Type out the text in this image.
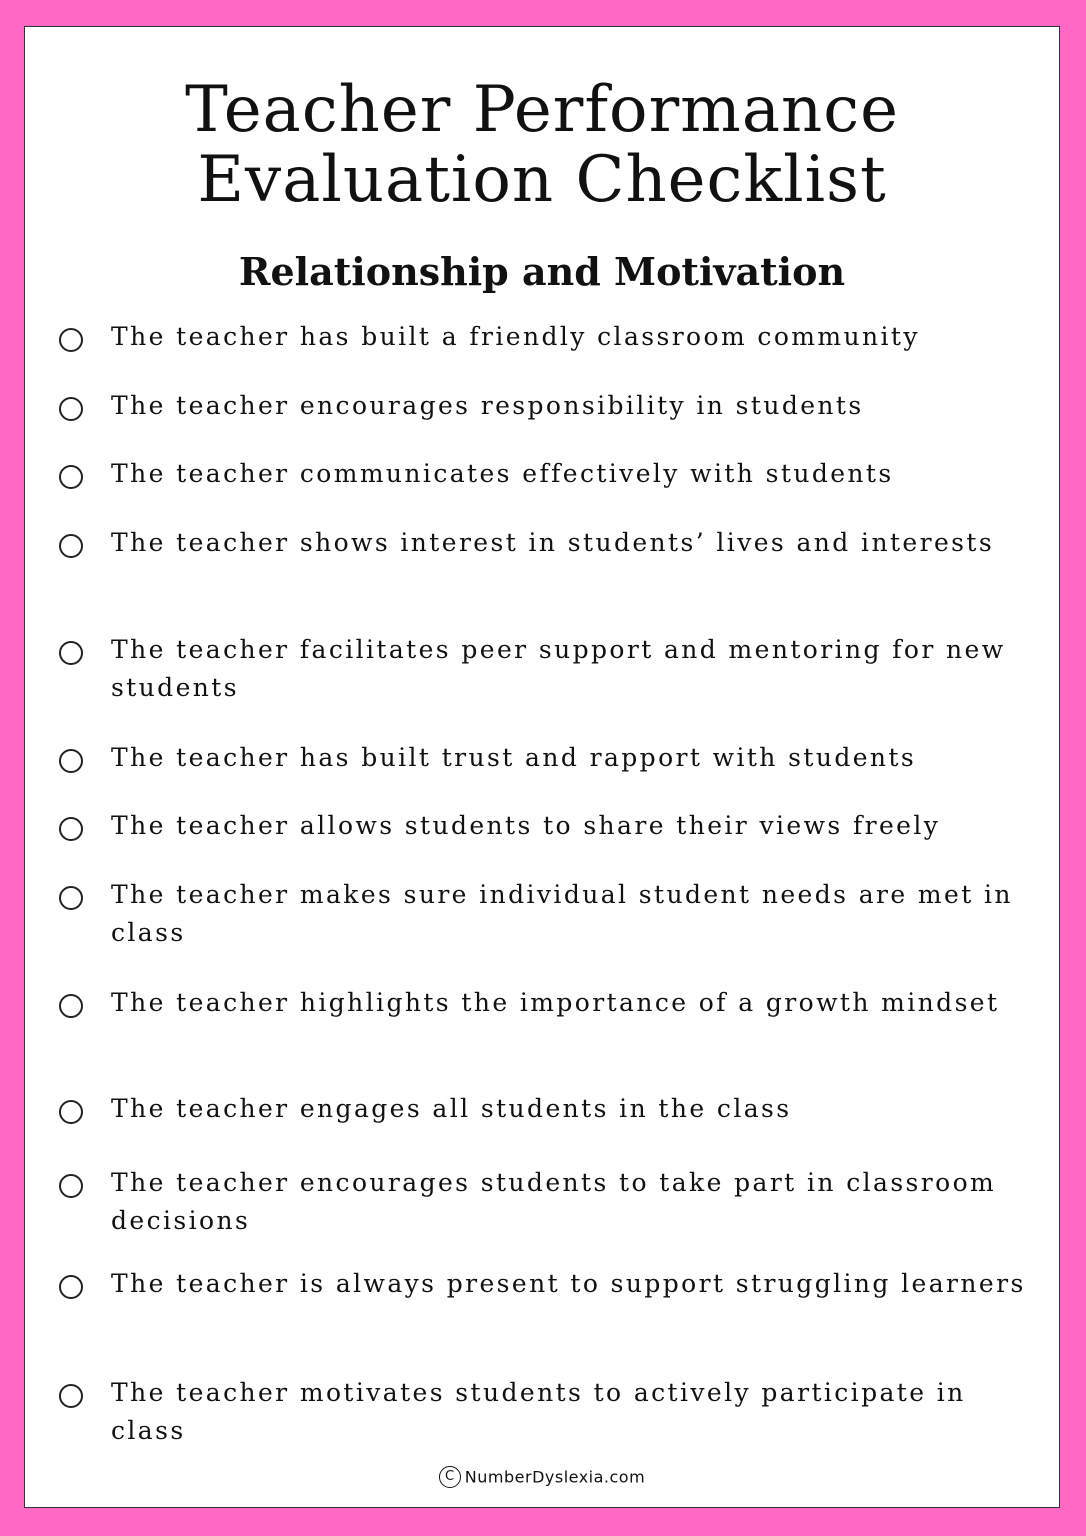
Teacher Performance
Evaluation Checklist
Relationship and Motivation
The teacher has built a friendly classroom community
The teacher encourages responsibility in students
The teacher communicates effectively with students
The teacher shows interest in students’ lives and interests
The teacher facilitates peer support and mentoring for new students
The teacher has built trust and rapport with students
The teacher allows students to share their views freely
The teacher makes sure individual student needs are met in class
The teacher highlights the importance of a growth mindset
The teacher engages all students in the class
The teacher encourages students to take part in classroom decisions
The teacher is always present to support struggling learners
The teacher motivates students to actively participate in class
C NumberDyslexia.com
